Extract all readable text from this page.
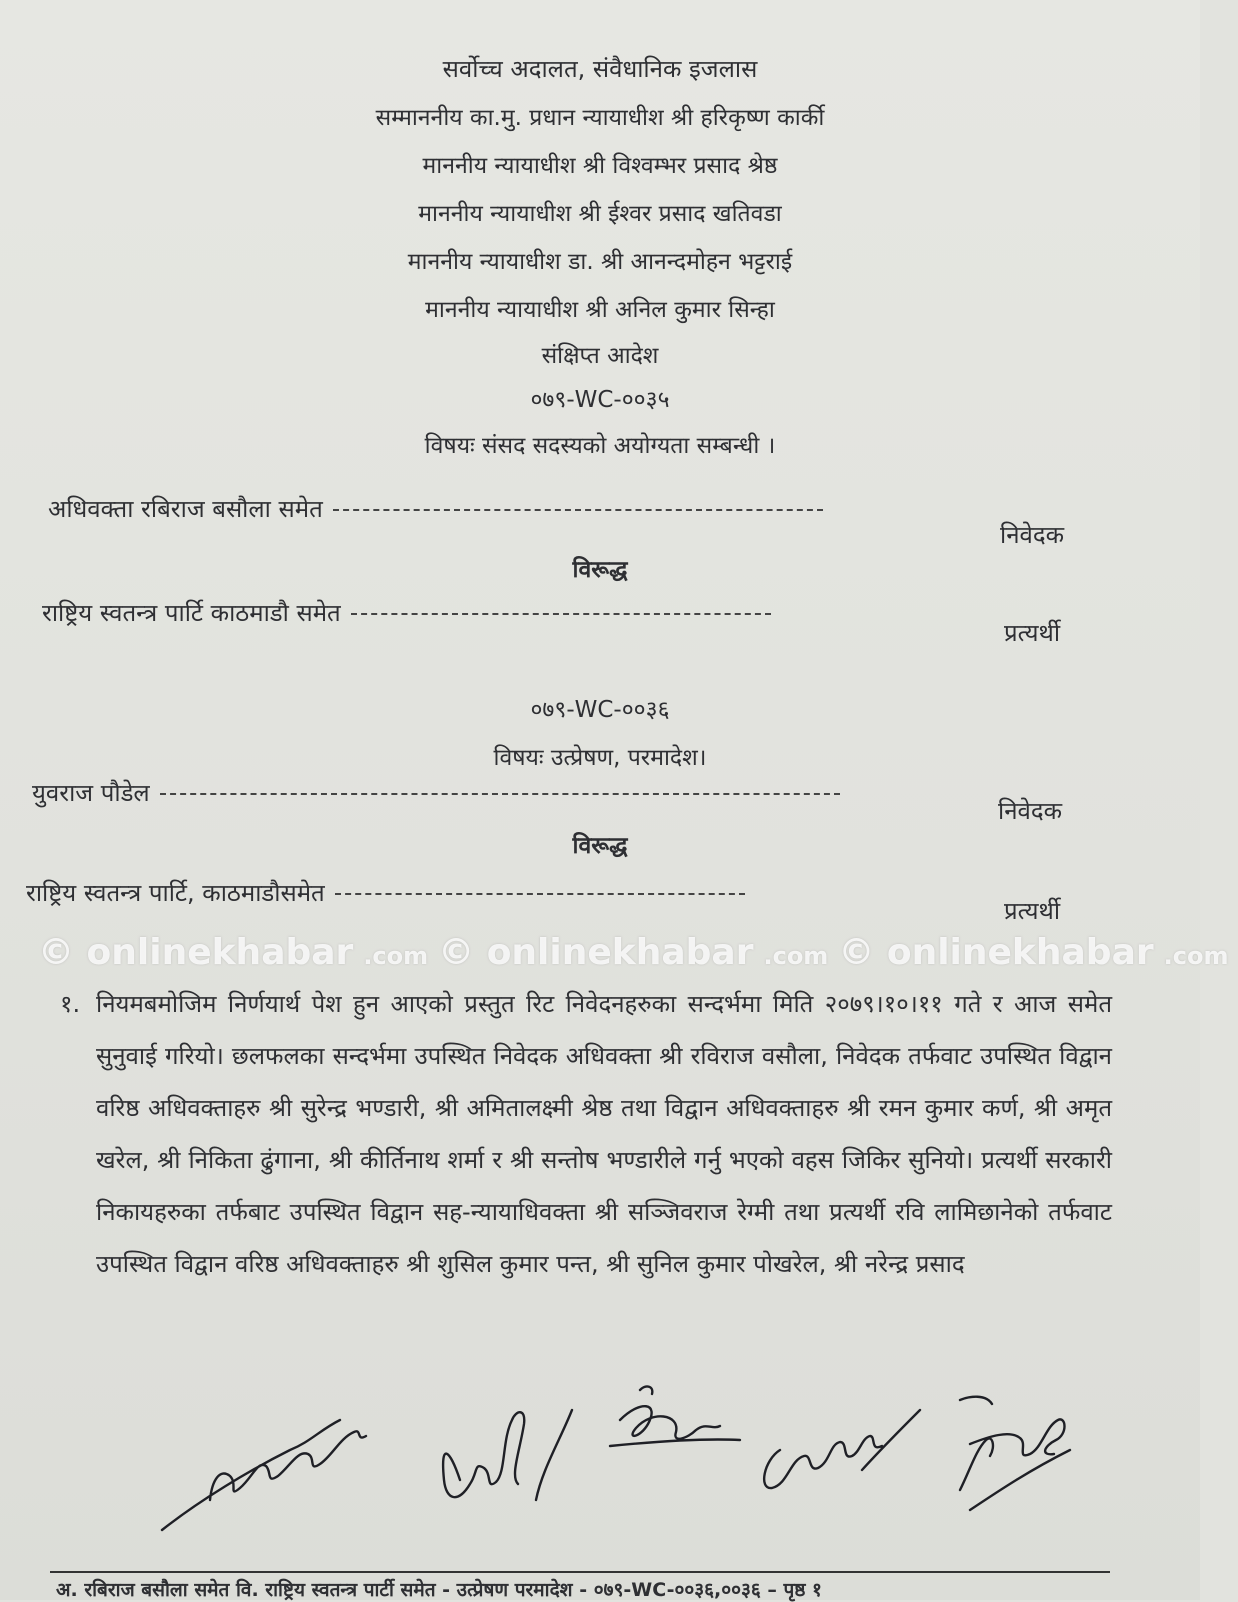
सर्वोच्च अदालत, संवैधानिक इजलास
सम्माननीय का.मु. प्रधान न्यायाधीश श्री हरिकृष्ण कार्की
माननीय न्यायाधीश श्री विश्वम्भर प्रसाद श्रेष्ठ
माननीय न्यायाधीश श्री ईश्वर प्रसाद खतिवडा
माननीय न्यायाधीश डा. श्री आनन्दमोहन भट्टराई
माननीय न्यायाधीश श्री अनिल कुमार सिन्हा
संक्षिप्त आदेश
०७९-WC-००३५
विषयः संसद सदस्यको अयोग्यता सम्बन्धी ।
अधिवक्ता रबिराज बसौला समेत
निवेदक
विरूद्ध
राष्ट्रिय स्वतन्त्र पार्टि काठमाडौ समेत
प्रत्यर्थी
०७९-WC-००३६
विषयः उत्प्रेषण, परमादेश।
युवराज पौडेल
निवेदक
विरूद्ध
राष्ट्रिय स्वतन्त्र पार्टि, काठमाडौसमेत
प्रत्यर्थी
© onlinekhabar .com © onlinekhabar .com © onlinekhabar .com
१. नियमबमोजिम निर्णयार्थ पेश हुन आएको प्रस्तुत रिट निवेदनहरुका सन्दर्भमा मिति २०७९।१०।११ गते र आज समेत सुनुवाई गरियो। छलफलका सन्दर्भमा उपस्थित निवेदक अधिवक्ता श्री रविराज वसौला, निवेदक तर्फवाट उपस्थित विद्वान वरिष्ठ अधिवक्ताहरु श्री सुरेन्द्र भण्डारी, श्री अमितालक्ष्मी श्रेष्ठ तथा विद्वान अधिवक्ताहरु श्री रमन कुमार कर्ण, श्री अमृत खरेल, श्री निकिता ढुंगाना, श्री कीर्तिनाथ शर्मा र श्री सन्तोष भण्डारीले गर्नु भएको वहस जिकिर सुनियो। प्रत्यर्थी सरकारी निकायहरुका तर्फबाट उपस्थित विद्वान सह-न्यायाधिवक्ता श्री सञ्जिवराज रेग्मी तथा प्रत्यर्थी रवि लामिछानेको तर्फवाट उपस्थित विद्वान वरिष्ठ अधिवक्ताहरु श्री शुसिल कुमार पन्त, श्री सुनिल कुमार पोखरेल, श्री नरेन्द्र प्रसाद
अ. रबिराज बसौला समेत वि. राष्ट्रिय स्वतन्त्र पार्टी समेत - उत्प्रेषण परमादेश - ०७९-WC-००३६,००३६ – पृष्ठ १
